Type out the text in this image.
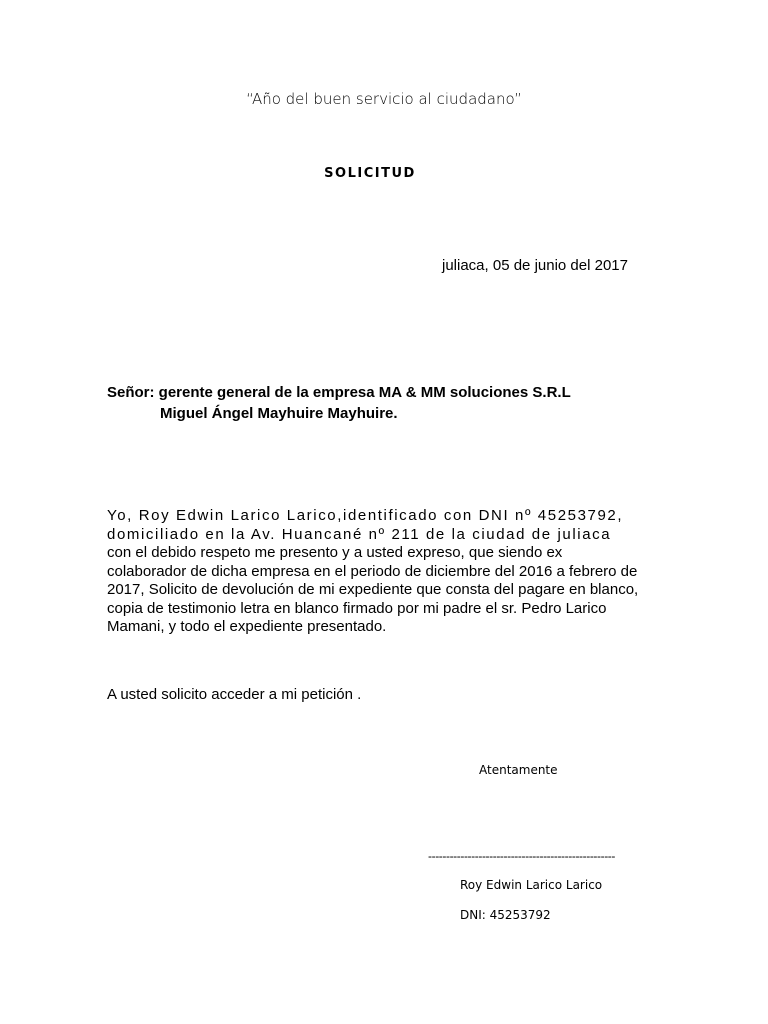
“Año del buen servicio al ciudadano”
SOLICITUD
juliaca, 05 de junio del 2017
Señor: gerente general de la empresa MA & MM soluciones S.R.L
Miguel Ángel Mayhuire Mayhuire.
Yo, Roy Edwin Larico Larico,identificado con DNI nº 45253792,
domiciliado en la Av. Huancané nº 211 de la ciudad de juliaca
con el debido respeto me presento y a usted expreso, que siendo ex
colaborador de dicha empresa en el periodo de diciembre del 2016 a febrero de
2017, Solicito de devolución de mi expediente que consta del pagare en blanco,
copia de testimonio letra en blanco firmado por mi padre el sr. Pedro Larico
Mamani, y todo el expediente presentado.
A usted solicito acceder a mi petición .
Atentamente
----------------------------------------------------
Roy Edwin Larico Larico
DNI: 45253792
